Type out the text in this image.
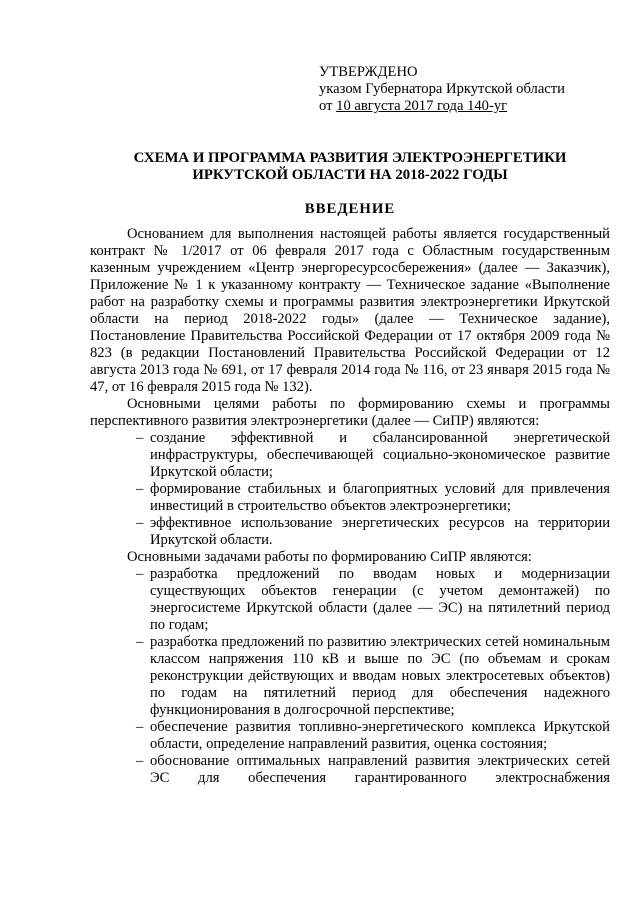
УТВЕРЖДЕНО
указом Губернатора Иркутской области
от 10 августа 2017 года 140-уг
СХЕМА И ПРОГРАММА РАЗВИТИЯ ЭЛЕКТРОЭНЕРГЕТИКИ
ИРКУТСКОЙ ОБЛАСТИ НА 2018-2022 ГОДЫ
ВВЕДЕНИЕ

Основанием для выполнения настоящей работы является государственный контракт № 1/2017 от 06 февраля 2017 года с Областным государственным казенным учреждением «Центр энергоресурсосбережения» (далее — Заказчик), Приложение № 1 к указанному контракту — Техническое задание «Выполнение работ на разработку схемы и программы развития электроэнергетики Иркутской области на период 2018-2022 годы» (далее — Техническое задание), Постановление Правительства Российской Федерации от 17 октября 2009 года № 823 (в редакции Постановлений Правительства Российской Федерации от 12 августа 2013 года № 691, от 17 февраля 2014 года № 116, от 23 января 2015 года № 47, от 16 февраля 2015 года № 132).

Основными целями работы по формированию схемы и программы перспективного развития электроэнергетики (далее — СиПР) являются:

– создание эффективной и сбалансированной энергетической инфраструктуры, обеспечивающей социально-экономическое развитие Иркутской области;
– формирование стабильных и благоприятных условий для привлечения инвестиций в строительство объектов электроэнергетики;
– эффективное использование энергетических ресурсов на территории Иркутской области.

Основными задачами работы по формированию СиПР являются:

– разработка предложений по вводам новых и модернизации существующих объектов генерации (с учетом демонтажей) по энергосистеме Иркутской области (далее — ЭС) на пятилетний период по годам;
– разработка предложений по развитию электрических сетей номинальным классом напряжения 110 кВ и выше по ЭС (по объемам и срокам реконструкции действующих и вводам новых электросетевых объектов) по годам на пятилетний период для обеспечения надежного функционирования в долгосрочной перспективе;
– обеспечение развития топливно-энергетического комплекса Иркутской области, определение направлений развития, оценка состояния;
– обоснование оптимальных направлений развития электрических сетей ЭС для обеспечения гарантированного электроснабжения
